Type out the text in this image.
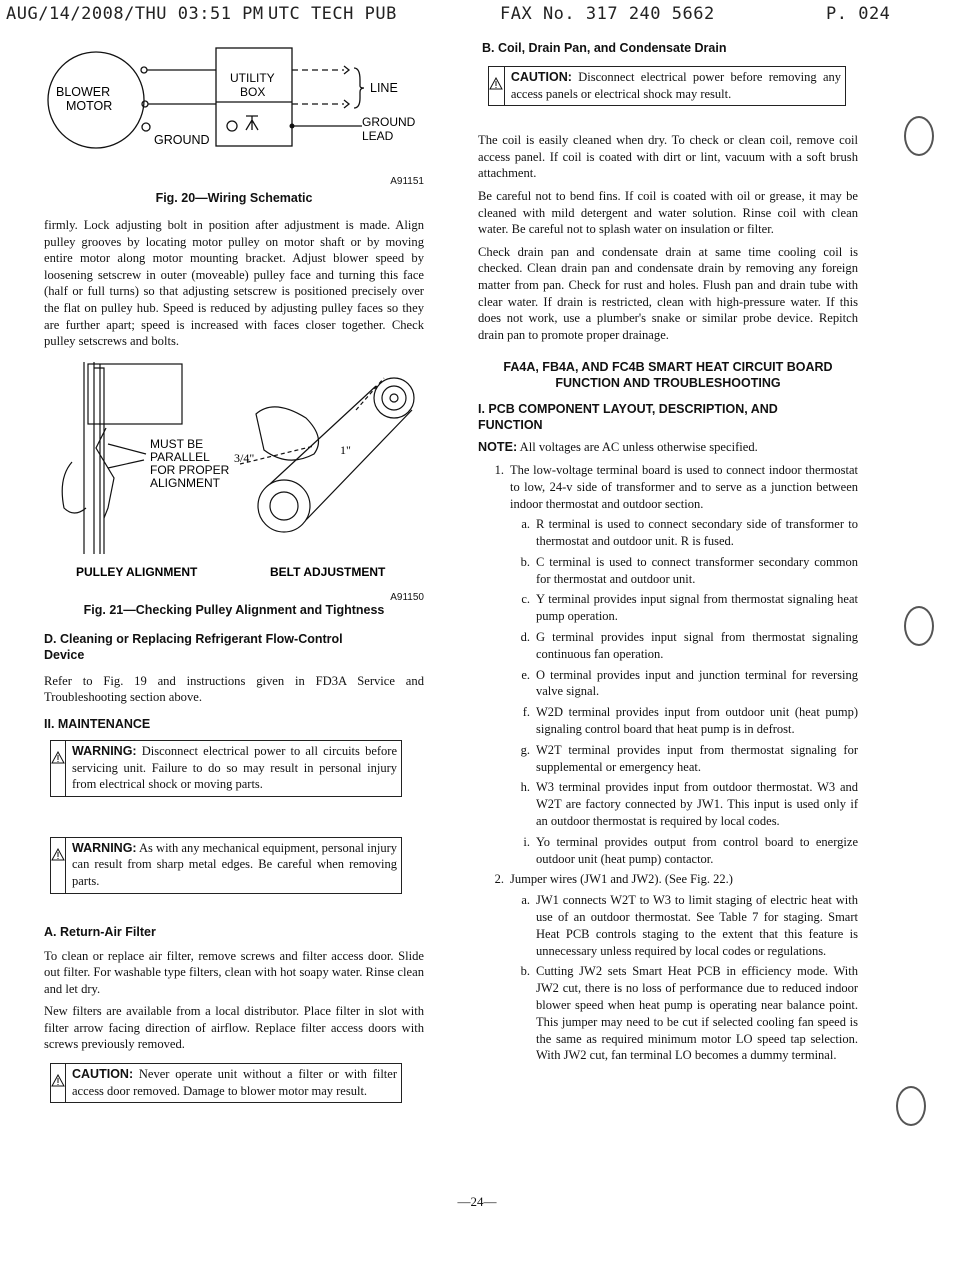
AUG/14/2008/THU 03:51 PM UTC TECH PUB	FAX No. 317 240 5662	P. 024
BLOWER
MOTOR
UTILITY
BOX
GROUND
LINE
GROUND
LEAD
A91151
Fig. 20—Wiring Schematic

firmly. Lock adjusting bolt in position after adjustment is made. Align pulley grooves by locating motor pulley on motor shaft or by moving entire motor along motor mounting bracket. Adjust blower speed by loosening setscrew in outer (moveable) pulley face and turning this face (half or full turns) so that adjusting setscrew is positioned precisely over the flat on pulley hub. Speed is reduced by adjusting pulley faces so they are further apart; speed is increased with faces closer together. Check pulley setscrews and bolts.

MUST BE
PARALLEL
FOR PROPER
ALIGNMENT
3/4"
1"
PULLEY ALIGNMENT	BELT ADJUSTMENT
A91150
Fig. 21—Checking Pulley Alignment and Tightness

D. Cleaning or Replacing Refrigerant Flow-Control
Device

Refer to Fig. 19 and instructions given in FD3A Service and Troubleshooting section above.

II. MAINTENANCE

WARNING: Disconnect electrical power to all circuits before servicing unit. Failure to do so may result in personal injury from electrical shock or moving parts.
WARNING: As with any mechanical equipment, personal injury can result from sharp metal edges. Be careful when removing parts.

A. Return-Air Filter

To clean or replace air filter, remove screws and filter access door. Slide out filter. For washable type filters, clean with hot soapy water. Rinse clean and let dry.

New filters are available from a local distributor. Place filter in slot with filter arrow facing direction of airflow. Replace filter access doors with screws previously removed.

CAUTION: Never operate unit without a filter or with filter access door removed. Damage to blower motor may result.

B. Coil, Drain Pan, and Condensate Drain

CAUTION: Disconnect electrical power before removing any access panels or electrical shock may result.

The coil is easily cleaned when dry. To check or clean coil, remove coil access panel. If coil is coated with dirt or lint, vacuum with a soft brush attachment.

Be careful not to bend fins. If coil is coated with oil or grease, it may be cleaned with mild detergent and water solution. Rinse coil with clean water. Be careful not to splash water on insulation or filter.

Check drain pan and condensate drain at same time cooling coil is checked. Clean drain pan and condensate drain by removing any foreign matter from pan. Check for rust and holes. Flush pan and drain tube with clear water. If drain is restricted, clean with high-pressure water. If this does not work, use a plumber's snake or similar probe device. Repitch drain pan to promote proper drainage.

FA4A, FB4A, AND FC4B SMART HEAT CIRCUIT BOARD
FUNCTION AND TROUBLESHOOTING

I. PCB COMPONENT LAYOUT, DESCRIPTION, AND
FUNCTION

NOTE: All voltages are AC unless otherwise specified.

1. The low-voltage terminal board is used to connect indoor thermostat to low, 24-v side of transformer and to serve as a junction between indoor thermostat and outdoor section.
a. R terminal is used to connect secondary side of transformer to thermostat and outdoor unit. R is fused.
b. C terminal is used to connect transformer secondary common for thermostat and outdoor unit.
c. Y terminal provides input signal from thermostat signaling heat pump operation.
d. G terminal provides input signal from thermostat signaling continuous fan operation.
e. O terminal provides input and junction terminal for reversing valve signal.
f. W2D terminal provides input from outdoor unit (heat pump) signaling control board that heat pump is in defrost.
g. W2T terminal provides input from thermostat signaling for supplemental or emergency heat.
h. W3 terminal provides input from outdoor thermostat. W3 and W2T are factory connected by JW1. This input is used only if an outdoor thermostat is required by local codes.
i. Yo terminal provides output from control board to energize outdoor unit (heat pump) contactor.
2. Jumper wires (JW1 and JW2). (See Fig. 22.)
a. JW1 connects W2T to W3 to limit staging of electric heat with use of an outdoor thermostat. See Table 7 for staging. Smart Heat PCB controls staging to the extent that this feature is unnecessary unless required by local codes or regulations.
b. Cutting JW2 sets Smart Heat PCB in efficiency mode. With JW2 cut, there is no loss of performance due to reduced indoor blower speed when heat pump is operating near balance point. This jumper may need to be cut if selected cooling fan speed is the same as required minimum motor LO speed tap selection. With JW2 cut, fan terminal LO becomes a dummy terminal.
—24—
